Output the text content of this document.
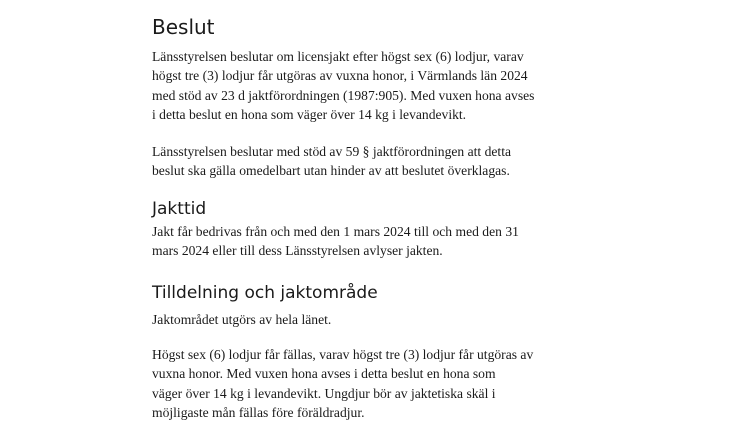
Beslut
Länsstyrelsen beslutar om licensjakt efter högst sex (6) lodjur, varav
högst tre (3) lodjur får utgöras av vuxna honor, i Värmlands län 2024
med stöd av 23 d jaktförordningen (1987:905). Med vuxen hona avses
i detta beslut en hona som väger över 14 kg i levandevikt.
Länsstyrelsen beslutar med stöd av 59 § jaktförordningen att detta
beslut ska gälla omedelbart utan hinder av att beslutet överklagas.
Jakttid
Jakt får bedrivas från och med den 1 mars 2024 till och med den 31
mars 2024 eller till dess Länsstyrelsen avlyser jakten.
Tilldelning och jaktområde
Jaktområdet utgörs av hela länet.
Högst sex (6) lodjur får fällas, varav högst tre (3) lodjur får utgöras av
vuxna honor. Med vuxen hona avses i detta beslut en hona som
väger över 14 kg i levandevikt. Ungdjur bör av jaktetiska skäl i
möjligaste mån fällas före föräldradjur.
